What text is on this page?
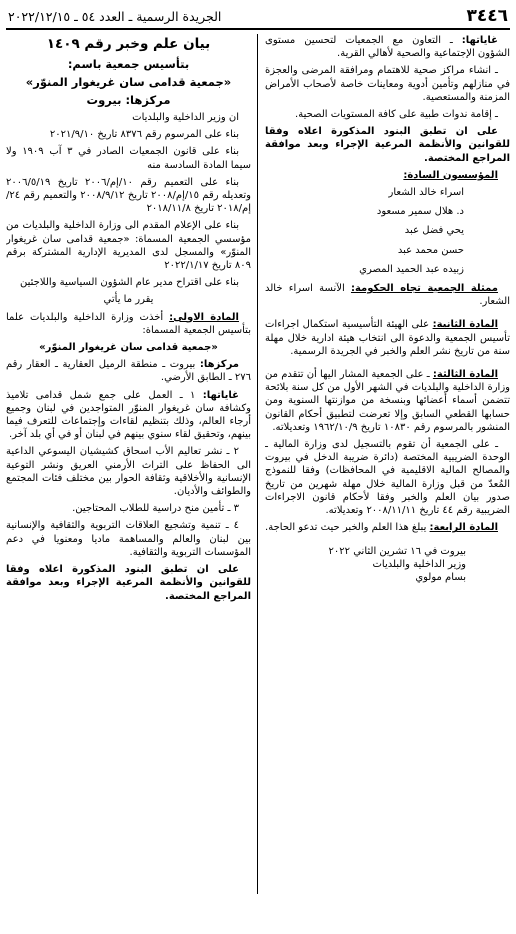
٣٤٤٦
الجريدة الرسمية ـ العدد ٥٤ ـ ٢٠٢٢/١٢/١٥

غاياتها: ـ التعاون مع الجمعيات لتحسين مستوى الشؤون الإجتماعية والصحية لأهالي القرية.

ـ انشاء مراكز صحية للاهتمام ومرافقة المرضى والعجزة في منازلهم وتأمين أدوية ومعاينات خاصة لأصحاب الأمراض المزمنة والمستعصية.

ـ إقامة ندوات طبية على كافة المستويات الصحية.

على ان تطبق البنود المذكورة اعلاه وفقا للقوانين والأنظمة المرعية الإجراء وبعد موافقة المراجع المختصة.

المؤسسون السادة:

اسراء خالد الشعار

د. هلال سمير مسعود

يحي فضل عبد

حسن محمد عبد

زبيده عبد الحميد المصري

ممثلة الجمعية تجاه الحكومة: الآنسة اسراء خالد الشعار.

المادة الثانية: على الهيئة التأسيسية استكمال اجراءات تأسيس الجمعية والدعوة الى انتخاب هيئة ادارية خلال مهلة سنة من تاريخ نشر العلم والخبر في الجريدة الرسمية.

المادة الثالثة: ـ على الجمعية المشار اليها أن تتقدم من وزارة الداخلية والبلديات في الشهر الأول من كل سنة بلائحة تتضمن أسماء أعضائها وبنسخة من موازنتها السنوية ومن حسابها القطعي السابق وإلا تعرضت لتطبيق أحكام القانون المنشور بالمرسوم رقم ١٠٨٣٠ تاريخ ١٩٦٢/١٠/٩ وتعديلاته.

ـ على الجمعية أن تقوم بالتسجيل لدى وزارة المالية ـ الوحدة الضريبية المختصة (دائرة ضريبة الدخل في بيروت والمصالح المالية الاقليمية في المحافظات) وفقا للنموذج المُعدّ من قبل وزارة المالية خلال مهلة شهرين من تاريخ صدور بيان العلم والخبر وفقا لأحكام قانون الاجراءات الضريبية رقم ٤٤ تاريخ ٢٠٠٨/١١/١١ وتعديلاته.

المادة الرابعة: يبلغ هذا العلم والخبر حيث تدعو الحاجة.

بيروت في ١٦ تشرين الثاني ٢٠٢٢

وزير الداخلية والبلديات

بسام مولوي

بيان علم وخبر رقم ١٤٠٩

بتأسيس جمعية باسم:

«جمعية قدامى سان غريغوار المنوّر»

مركزها: بيروت

ان وزير الداخلية والبلديات

بناء على المرسوم رقم ٨٣٧٦ تاريخ ٢٠٢١/٩/١٠

بناء على قانون الجمعيات الصادر في ٣ آب ١٩٠٩ ولا سيما المادة السادسة منه

بناء على التعميم رقم ١٠/إم/٢٠٠٦ تاريخ ٢٠٠٦/٥/١٩ وتعديله رقم ١٥/إم/٢٠٠٨ تاريخ ٢٠٠٨/٩/١٢ والتعميم رقم ٢٤/إم/٢٠١٨ تاريخ ٢٠١٨/١١/٨

بناء على الإعلام المقدم الى وزارة الداخلية والبلديات من مؤسسي الجمعية المسماة: «جمعية قدامى سان غريغوار المنوّر» والمسجل لدى المديرية الإدارية المشتركة برقم ٨٠٩ تاريخ ٢٠٢٢/١/١٧

بناء على اقتراح مدير عام الشؤون السياسية واللاجئين

يقرر ما يأتي

المادة الاولى: أخذت وزارة الداخلية والبلديات علما بتأسيس الجمعية المسماة:

«جمعية قدامى سان غريغوار المنوّر»

مركزها: بيروت ـ منطقة الرميل العقارية ـ العقار رقم ٢٧٦ ـ الطابق الأرضي.

غاياتها: ١ ـ العمل على جمع شمل قدامى تلاميذ وكشافة سان غريغوار المنوّر المتواجدين في لبنان وجميع أرجاء العالم، وذلك بتنظيم لقاءات وإجتماعات للتعرف فيما بينهم، وتحقيق لقاء سنوي بينهم في لبنان أو في أي بلد آخر.

٢ ـ نشر تعاليم الأب اسحاق كشيشيان اليسوعي الداعية الى الحفاظ على التراث الأرمني العريق ونشر التوعية الإنسانية والأخلاقية وثقافة الحوار بين مختلف فئات المجتمع والطوائف والأديان.

٣ ـ تأمين منح دراسية للطلاب المحتاجين.

٤ ـ تنمية وتشجيع العلاقات التربوية والثقافية والإنسانية بين لبنان والعالم والمساهمة ماديا ومعنويا في دعم المؤسسات التربوية والثقافية.

على ان تطبق البنود المذكورة اعلاه وفقا للقوانين والأنظمة المرعية الإجراء وبعد موافقة المراجع المختصة.
